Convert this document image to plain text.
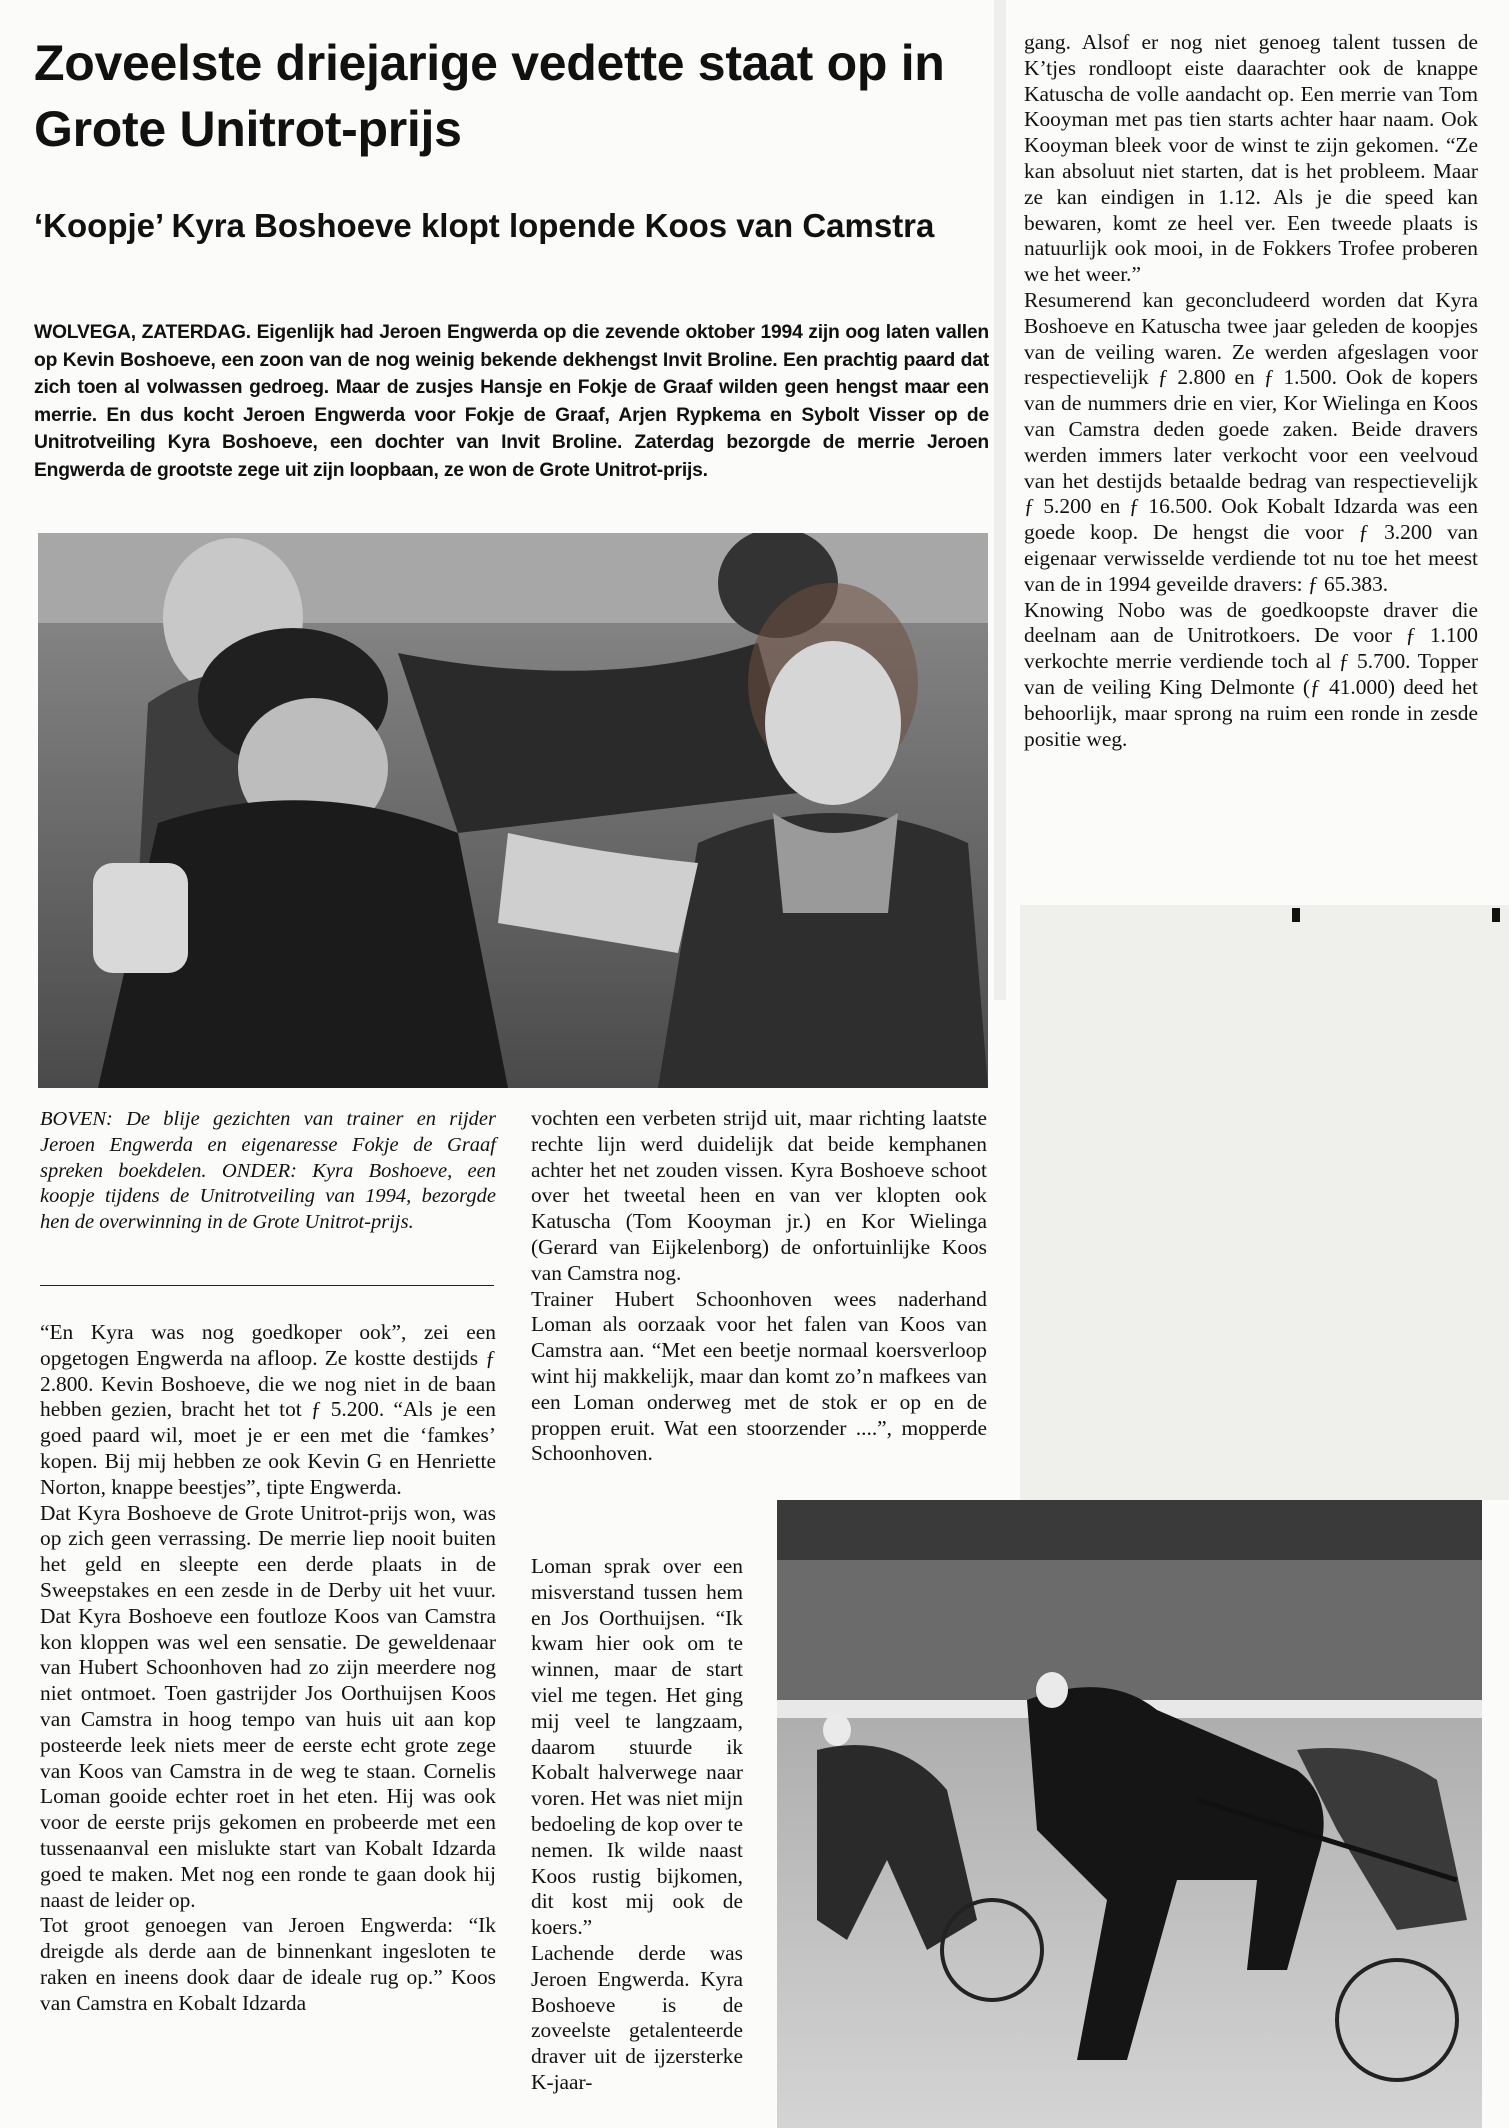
Zoveelste driejarige vedette staat op in Grote Unitrot-prijs
‘Koopje’ Kyra Boshoeve klopt lopende Koos van Camstra

WOLVEGA, ZATERDAG. Eigenlijk had Jeroen Engwerda op die zevende oktober 1994 zijn oog laten vallen op Kevin Boshoeve, een zoon van de nog weinig bekende dekhengst Invit Broline. Een prachtig paard dat zich toen al volwassen gedroeg. Maar de zusjes Hansje en Fokje de Graaf wilden geen hengst maar een merrie. En dus kocht Jeroen Engwerda voor Fokje de Graaf, Arjen Rypkema en Sybolt Visser op de Unitrotveiling Kyra Boshoeve, een dochter van Invit Broline. Zaterdag bezorgde de merrie Jeroen Engwerda de grootste zege uit zijn loopbaan, ze won de Grote Unitrot-prijs.

BOVEN: De blije gezichten van trainer en rijder Jeroen Engwerda en eigenaresse Fokje de Graaf spreken boekdelen. ONDER: Kyra Boshoeve, een koopje tijdens de Unitrotveiling van 1994, bezorgde hen de overwinning in de Grote Unitrot-prijs.

“En Kyra was nog goedkoper ook”, zei een opgetogen Engwerda na afloop. Ze kostte destijds ƒ 2.800. Kevin Boshoeve, die we nog niet in de baan hebben gezien, bracht het tot ƒ 5.200. “Als je een goed paard wil, moet je er een met die ‘famkes’ kopen. Bij mij hebben ze ook Kevin G en Henriette Norton, knappe beestjes”, tipte Engwerda.

Dat Kyra Boshoeve de Grote Unitrot-prijs won, was op zich geen verrassing. De merrie liep nooit buiten het geld en sleepte een derde plaats in de Sweepstakes en een zesde in de Derby uit het vuur. Dat Kyra Boshoeve een foutloze Koos van Camstra kon kloppen was wel een sensatie. De geweldenaar van Hubert Schoonhoven had zo zijn meerdere nog niet ontmoet. Toen gastrijder Jos Oorthuijsen Koos van Camstra in hoog tempo van huis uit aan kop posteerde leek niets meer de eerste echt grote zege van Koos van Camstra in de weg te staan. Cornelis Loman gooide echter roet in het eten. Hij was ook voor de eerste prijs gekomen en probeerde met een tussenaanval een mislukte start van Kobalt Idzarda goed te maken. Met nog een ronde te gaan dook hij naast de leider op.

Tot groot genoegen van Jeroen Engwerda: “Ik dreigde als derde aan de binnenkant ingesloten te raken en ineens dook daar de ideale rug op.” Koos van Camstra en Kobalt Idzarda

vochten een verbeten strijd uit, maar richting laatste rechte lijn werd duidelijk dat beide kemphanen achter het net zouden vissen. Kyra Boshoeve schoot over het tweetal heen en van ver klopten ook Katuscha (Tom Kooyman jr.) en Kor Wielinga (Gerard van Eijkelenborg) de onfortuinlijke Koos van Camstra nog.

Trainer Hubert Schoonhoven wees naderhand Loman als oorzaak voor het falen van Koos van Camstra aan. “Met een beetje normaal koersverloop wint hij makkelijk, maar dan komt zo’n mafkees van een Loman onderweg met de stok er op en de proppen eruit. Wat een stoorzender ....”, mopperde Schoonhoven.

Loman sprak over een misverstand tussen hem en Jos Oorthuijsen. “Ik kwam hier ook om te winnen, maar de start viel me tegen. Het ging mij veel te langzaam, daarom stuurde ik Kobalt halverwege naar voren. Het was niet mijn bedoeling de kop over te nemen. Ik wilde naast Koos rustig bijkomen, dit kost mij ook de koers.”

Lachende derde was Jeroen Engwerda. Kyra Boshoeve is de zoveelste getalenteerde draver uit de ijzersterke K-jaar-

gang. Alsof er nog niet genoeg talent tussen de K’tjes rondloopt eiste daarachter ook de knappe Katuscha de volle aandacht op. Een merrie van Tom Kooyman met pas tien starts achter haar naam. Ook Kooyman bleek voor de winst te zijn gekomen. “Ze kan absoluut niet starten, dat is het probleem. Maar ze kan eindigen in 1.12. Als je die speed kan bewaren, komt ze heel ver. Een tweede plaats is natuurlijk ook mooi, in de Fokkers Trofee proberen we het weer.”

Resumerend kan geconcludeerd worden dat Kyra Boshoeve en Katuscha twee jaar geleden de koopjes van de veiling waren. Ze werden afgeslagen voor respectievelijk ƒ 2.800 en ƒ 1.500. Ook de kopers van de nummers drie en vier, Kor Wielinga en Koos van Camstra deden goede zaken. Beide dravers werden immers later verkocht voor een veelvoud van het destijds betaalde bedrag van respectievelijk ƒ 5.200 en ƒ 16.500. Ook Kobalt Idzarda was een goede koop. De hengst die voor ƒ 3.200 van eigenaar verwisselde verdiende tot nu toe het meest van de in 1994 geveilde dravers: ƒ 65.383.

Knowing Nobo was de goedkoopste draver die deelnam aan de Unitrotkoers. De voor ƒ 1.100 verkochte merrie verdiende toch al ƒ 5.700. Topper van de veiling King Delmonte (ƒ 41.000) deed het behoorlijk, maar sprong na ruim een ronde in zesde positie weg.
